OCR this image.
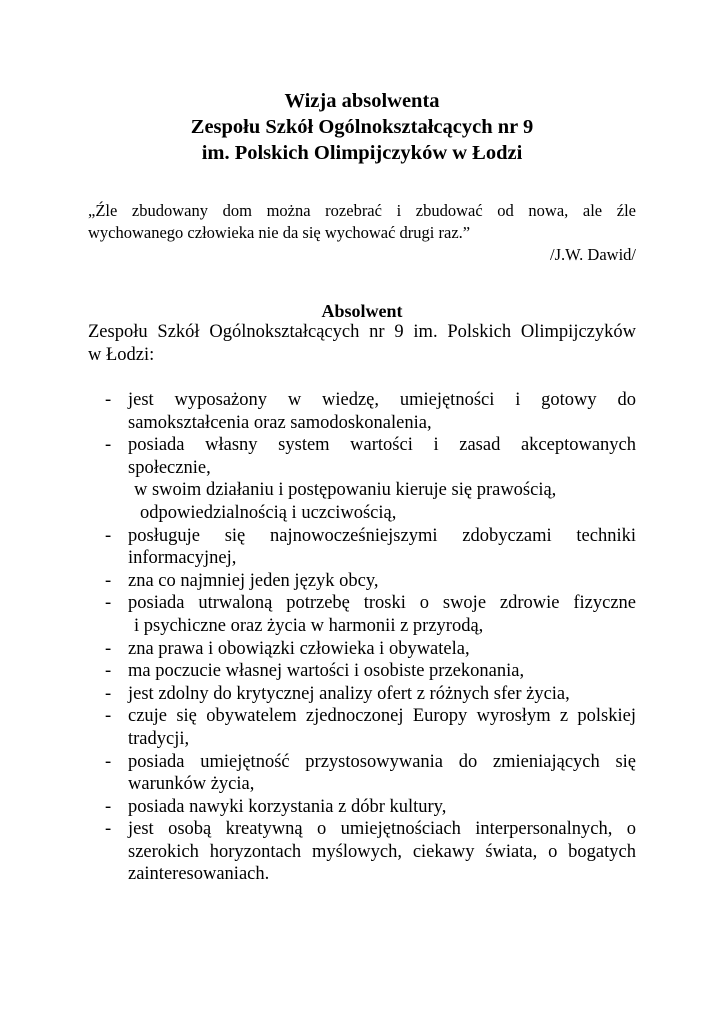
Wizja absolwenta
Zespołu Szkół Ogólnokształcących nr 9
im. Polskich Olimpijczyków w Łodzi
„Źle zbudowany dom można rozebrać i zbudować od nowa, ale źle
wychowanego człowieka nie da się wychować drugi raz.”
/J.W. Dawid/
Absolwent
Zespołu Szkół Ogólnokształcących nr 9 im. Polskich Olimpijczyków
w Łodzi:
- jest wyposażony w wiedzę, umiejętności i gotowy do
samokształcenia oraz samodoskonalenia,
- posiada własny system wartości i zasad akceptowanych
społecznie,
w swoim działaniu i postępowaniu kieruje się prawością,
odpowiedzialnością i uczciwością,
- posługuje się najnowocześniejszymi zdobyczami techniki
informacyjnej,
- zna co najmniej jeden język obcy,
- posiada utrwaloną potrzebę troski o swoje zdrowie fizyczne
i psychiczne oraz życia w harmonii z przyrodą,
- zna prawa i obowiązki człowieka i obywatela,
- ma poczucie własnej wartości i osobiste przekonania,
- jest zdolny do krytycznej analizy ofert z różnych sfer życia,
- czuje się obywatelem zjednoczonej Europy wyrosłym z polskiej
tradycji,
- posiada umiejętność przystosowywania do zmieniających się
warunków życia,
- posiada nawyki korzystania z dóbr kultury,
- jest osobą kreatywną o umiejętnościach interpersonalnych, o
szerokich horyzontach myślowych, ciekawy świata, o bogatych
zainteresowaniach.
